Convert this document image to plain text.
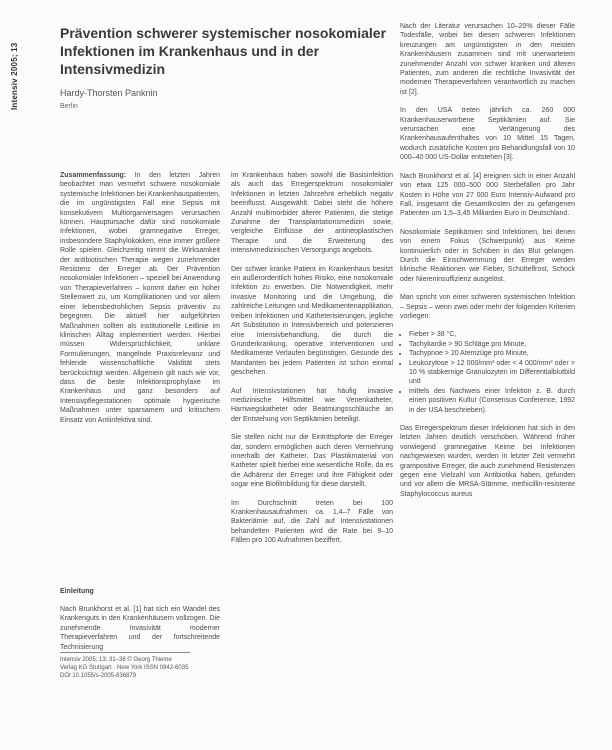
Intensiv 2005; 13
Prävention schwerer systemischer nosokomialer Infektionen im Krankenhaus und in der Intensivmedizin
Hardy-Thorsten Panknin
Berlin

Zusammenfassung: In den letzten Jahren beobachtet man vermehrt schwere nosokomiale systemische Infektionen bei Krankenhauspatienten, die im ungünstigsten Fall eine Sepsis mit konsekutivem Multiorganversagen verursachen können. Hauptursache dafür sind nosokomiale Infektionen, wobei gramnegative Erreger, insbesondere Staphylokokken, eine immer größere Rolle spielen. Gleichzeitig nimmt die Wirksamkeit der antibiotischen Therapie wegen zunehmender Resistenz der Erreger ab. Der Prävention nosokomialer Infektionen – speziell bei Anwendung von Therapieverfahren – kommt daher ein hoher Stellenwert zu, um Komplikationen und vor allem einer lebensbedrohlichen Sepsis präventiv zu begegnen. Die aktuell hier aufgeführten Maßnahmen sollten als institutionelle Leitlinie im klinischen Alltag implementiert werden. Hierbei müssen Widersprüchlichkeit, unklare Formulierungen, mangelnde Praxisrelevanz und fehlende wissenschaftliche Validität stets berücksichtigt werden. Allgemein gilt nach wie vor, dass die beste Infektionsprophylaxe im Krankenhaus und ganz besonders auf Intensivpflegestationen optimale hygienische Maßnahmen unter sparsamem und kritischem Einsatz von Antiinfektiva sind.

Einleitung

Nach Brunkhorst et al. [1] hat sich ein Wandel des Krankenguts in den Krankenhäusern vollzogen. Die zunehmende Invasivität moderner Therapieverfahren und der fortschreitende Technisierung

Intensiv 2005; 13: 31–38 © Georg Thieme Verlag KG Stuttgart · New York ISSN 0942-6035 DOI 10.1055/s-2005-836879

im Krankenhaus haben sowohl die Basisinfektion als auch das Erregerspektrum nosokomialer Infektionen in letzten Jahrzehnt erheblich negativ beeinflusst. Ausgewählt. Dabei steht die höhere Anzahl multimorbider älterer Patienten, die stetige Zunahme der Transplantationsmedizin sowie, vergleiche Einflüsse der antineoplastischen Therapie und die Erweiterung des intensivmedizinischen Versorgungs angebots.

Der schwer kranke Patient im Krankenhaus besitzt ein außerordentlich hohes Risiko, eine nosokomiale Infektion zu erwerben. Die Notwendigkeit, mehr invasive Monitoring und die Umgebung, die zahlreiche Leitungen und Medikamentenapplikation, treiben Infektionen und Katheterisierungen, jegliche Art Substitution in Intensivbereich und potenzieren eine Intensivbehandlung, die durch die Grunderkrankung, operative Interventionen und Medikamente Verlaufen begünstigen. Gesunde des Mandanten bei jedem Patienten ist schon einmal geschehen.

Auf Intensivstationen hat häufig invasive medizinische Hilfsmittel wie Venenkatheter, Harnwegskatheter oder Beatmungsschläuche an der Entstehung von Septikämien beteiligt.

Sie stellen nicht nur die Eintrittspforte der Erreger dar, sondern ermöglichen auch deren Vermehrung innerhalb der Katheter. Das Plastikmaterial von Katheter spielt hierbei eine wesentliche Rolle, da es die Adhärenz der Erreger und ihre Fähigkeit oder sogar eine Biofilmbildung für diese darstellt.

Im Durchschnitt treten bei 100 Krankenhausaufnahmen ca. 1,4–7 Fälle von Bakteriämie auf, die Zahl auf Intensivstationen behandelten Patienten wird die Rate bei 9–10 Fällen pro 100 Aufnahmen beziffert.

Nach der Literatur verursachen 10–20% dieser Fälle Todesfälle, wobei bei diesen schweren Infektionen kreuzungen am ungünstigsten in den meisten Krankenhäusern zusammen sind mit unerwartetem zunehmender Anzahl von schwer kranken und älteren Patienten, zum anderen die rechtliche Invasivität der modernen Therapieverfahren verantwortlich zu machen ist [2].

In den USA treten jährlich ca. 260 000 Krankenhauserworbene Septikämien auf. Sie verursachen eine Verlängerung des Krankenhausaufenthaltes von 10 Mittel 15 Tagen, wodurch zusätzliche Kosten pro Behandlungsfall von 10 000–40 000 US-Dollar entstehen [3].

Nach Brunkhorst et al. [4] ereignen sich in einer Anzahl von etwa 125 000–500 000 Sterbefällen pro Jahr Kosten in Höhe von 27 000 Euro Intensiv-Aufwand pro Fall, insgesamt die Gesamtkosten der zu gefangenen Patienten um 1,5–3,45 Milliarden Euro in Deutschland.

Nosokomiale Septikämien sind Infektionen, bei denen von einem Fokus (Schwerpunkt) aus Keime kontinuierlich oder in Schüben in das Blut gelangen. Durch die Einschwemmung der Erreger werden klinische Reaktionen wie Fieber, Schüttelfrost, Schock oder Niereninsuffizienz ausgelöst.

Man spricht von einer schweren systemischen Infektion – Sepsis – wenn zwei oder mehr der folgenden Kriterien vorliegen:

• Fieber > 38 °C,
• Tachykardie > 90 Schläge pro Minute,
• Tachypnoe > 20 Atemzüge pro Minute,
• Leukozytose > 12 000/mm³ oder < 4 000/mm³ oder > 10 % stabkernige Granulozyten im Differentialblutbild und
• mittels des Nachweis einer Infektion z. B. durch einen positiven Kultur (Consensus Conference, 1992 in der USA beschrieben).

Das Erregerspektrum dieser Infektionen hat sich in den letzten Jahren deutlich verschoben. Während früher vorwiegend gramnegative Keime bei Infektionen nachgewiesen wurden, werden in letzter Zeit vermehrt grampositive Erreger, die auch zunehmend Resistenzen gegen eine Vielzahl von Antibiotika haben, gefunden und vor allem die MRSA-Stämme, methicillin-resistente Staphylococcus aureus
